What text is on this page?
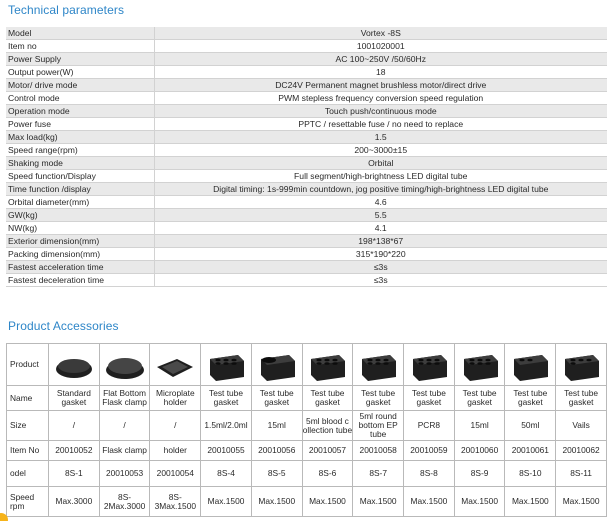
Technical parameters
Model	Vortex -8S
Item no	1001020001
Power Supply	AC 100~250V /50/60Hz
Output power(W)	18
Motor/ drive mode	DC24V Permanent magnet brushless motor/direct drive
Control mode	PWM stepless frequency conversion speed regulation
Operation mode	Touch push/continuous mode
Power fuse	PPTC / resettable fuse / no need to replace
Max load(kg)	1.5
Speed range(rpm)	200~3000±15
Shaking mode	Orbital
Speed function/Display	Full segment/high-brightness LED digital tube
Time function /display	Digital timing: 1s-999min countdown, jog positive timing/high-brightness LED digital tube
Orbital diameter(mm)	4.6
GW(kg)	5.5
NW(kg)	4.1
Exterior dimension(mm)	198*138*67
Packing dimension(mm)	315*190*220
Fastest acceleration time	≤3s
Fastest deceleration time	≤3s
Product Accessories
Product	

Name	Standard gasket	Flat Bottom Flask clamp	Microplate holder	Test tube gasket	Test tube gasket	Test tube gasket	Test tube gasket	Test tube gasket	Test tube gasket	Test tube gasket	Test tube gasket
Size	/	/	/	1.5ml/2.0ml	15ml	5ml blood c ollection tube	5ml round bottom EP tube	PCR8	15ml	50ml	Vails
Item No	20010052	Flask clamp	holder	20010055	20010056	20010057	20010058	20010059	20010060	20010061	20010062
odel	8S-1	20010053	20010054	8S-4	8S-5	8S-6	8S-7	8S-8	8S-9	8S-10	8S-11
Speed rpm	Max.3000	8S-2Max.3000	8S-3Max.1500	Max.1500	Max.1500	Max.1500	Max.1500	Max.1500	Max.1500	Max.1500	Max.1500
